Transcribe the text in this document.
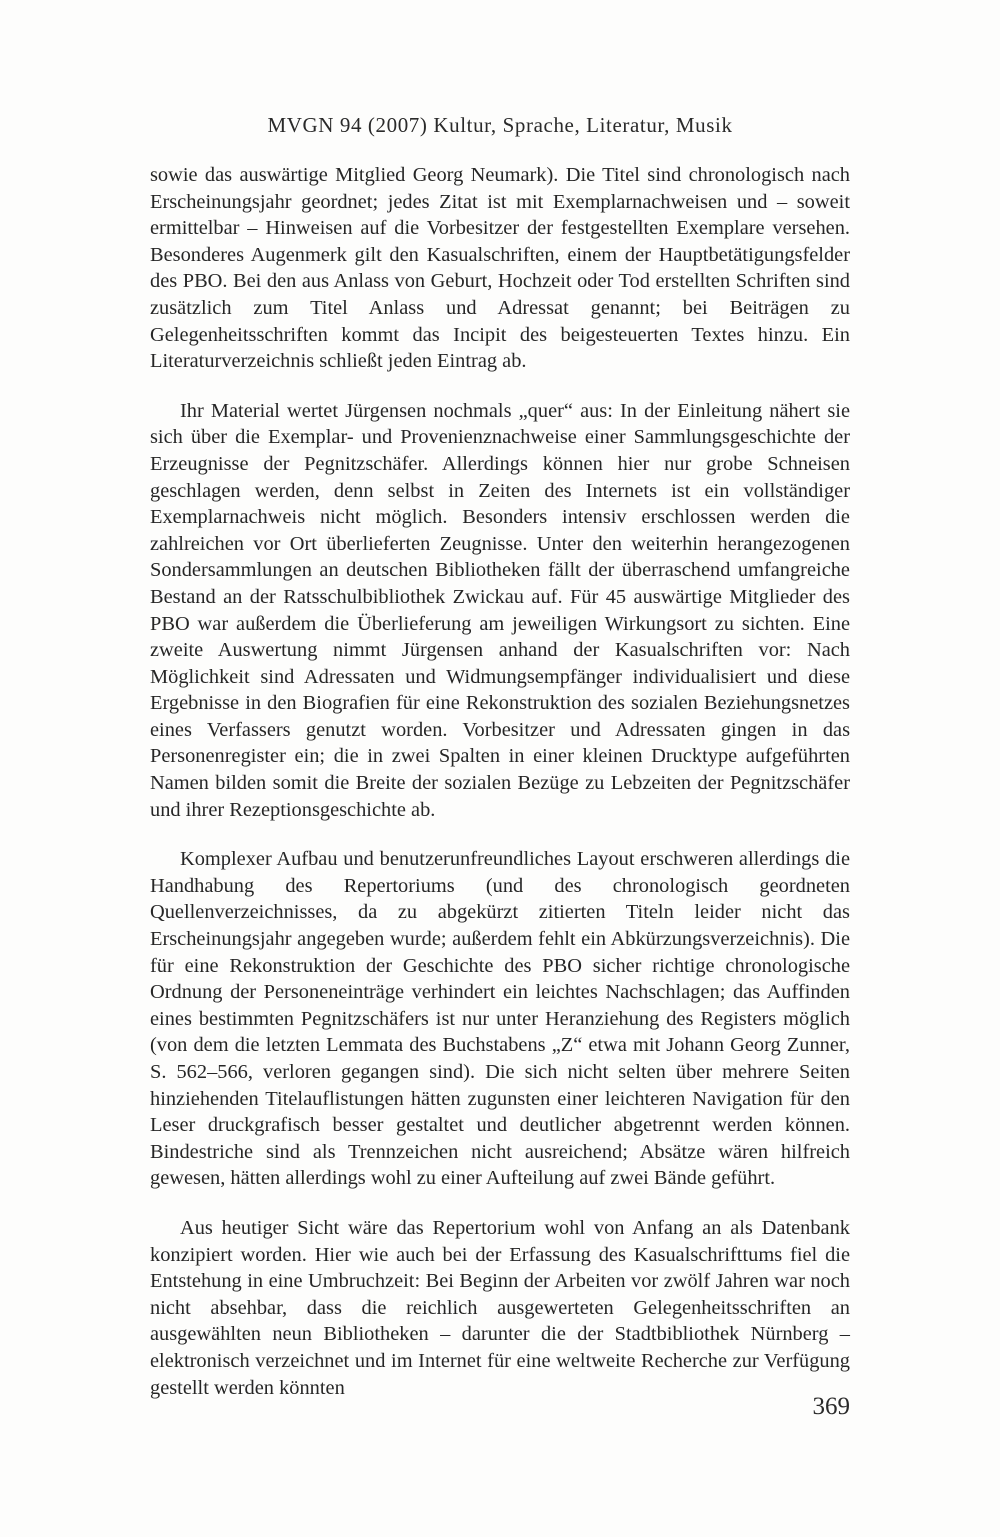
MVGN 94 (2007) Kultur, Sprache, Literatur, Musik

sowie das auswärtige Mitglied Georg Neumark). Die Titel sind chronologisch nach Erscheinungsjahr geordnet; jedes Zitat ist mit Exemplarnachweisen und – soweit ermittelbar – Hinweisen auf die Vorbesitzer der festgestellten Exemplare versehen. Besonderes Augenmerk gilt den Kasualschriften, einem der Hauptbetätigungsfelder des PBO. Bei den aus Anlass von Geburt, Hochzeit oder Tod erstellten Schriften sind zusätzlich zum Titel Anlass und Adressat genannt; bei Beiträgen zu Gelegenheitsschriften kommt das Incipit des beigesteuerten Textes hinzu. Ein Literaturverzeichnis schließt jeden Eintrag ab.

Ihr Material wertet Jürgensen nochmals „quer“ aus: In der Einleitung nähert sie sich über die Exemplar- und Provenienznachweise einer Sammlungsgeschichte der Erzeugnisse der Pegnitzschäfer. Allerdings können hier nur grobe Schneisen geschlagen werden, denn selbst in Zeiten des Internets ist ein vollständiger Exemplarnachweis nicht möglich. Besonders intensiv erschlossen werden die zahlreichen vor Ort überlieferten Zeugnisse. Unter den weiterhin herangezogenen Sondersammlungen an deutschen Bibliotheken fällt der überraschend umfangreiche Bestand an der Ratsschulbibliothek Zwickau auf. Für 45 auswärtige Mitglieder des PBO war außerdem die Überlieferung am jeweiligen Wirkungsort zu sichten. Eine zweite Auswertung nimmt Jürgensen anhand der Kasualschriften vor: Nach Möglichkeit sind Adressaten und Widmungsempfänger individualisiert und diese Ergebnisse in den Biografien für eine Rekonstruktion des sozialen Beziehungsnetzes eines Verfassers genutzt worden. Vorbesitzer und Adressaten gingen in das Personenregister ein; die in zwei Spalten in einer kleinen Drucktype aufgeführten Namen bilden somit die Breite der sozialen Bezüge zu Lebzeiten der Pegnitzschäfer und ihrer Rezeptionsgeschichte ab.

Komplexer Aufbau und benutzerunfreundliches Layout erschweren allerdings die Handhabung des Repertoriums (und des chronologisch geordneten Quellenverzeichnisses, da zu abgekürzt zitierten Titeln leider nicht das Erscheinungsjahr angegeben wurde; außerdem fehlt ein Abkürzungsverzeichnis). Die für eine Rekonstruktion der Geschichte des PBO sicher richtige chronologische Ordnung der Personeneinträge verhindert ein leichtes Nachschlagen; das Auffinden eines bestimmten Pegnitzschäfers ist nur unter Heranziehung des Registers möglich (von dem die letzten Lemmata des Buchstabens „Z“ etwa mit Johann Georg Zunner, S. 562–566, verloren gegangen sind). Die sich nicht selten über mehrere Seiten hinziehenden Titelauflistungen hätten zugunsten einer leichteren Navigation für den Leser druckgrafisch besser gestaltet und deutlicher abgetrennt werden können. Bindestriche sind als Trennzeichen nicht ausreichend; Absätze wären hilfreich gewesen, hätten allerdings wohl zu einer Aufteilung auf zwei Bände geführt.

Aus heutiger Sicht wäre das Repertorium wohl von Anfang an als Datenbank konzipiert worden. Hier wie auch bei der Erfassung des Kasualschrifttums fiel die Entstehung in eine Umbruchzeit: Bei Beginn der Arbeiten vor zwölf Jahren war noch nicht absehbar, dass die reichlich ausgewerteten Gelegenheitsschriften an ausgewählten neun Bibliotheken – darunter die der Stadtbibliothek Nürnberg – elektronisch verzeichnet und im Internet für eine weltweite Recherche zur Verfügung gestellt werden könnten

369
